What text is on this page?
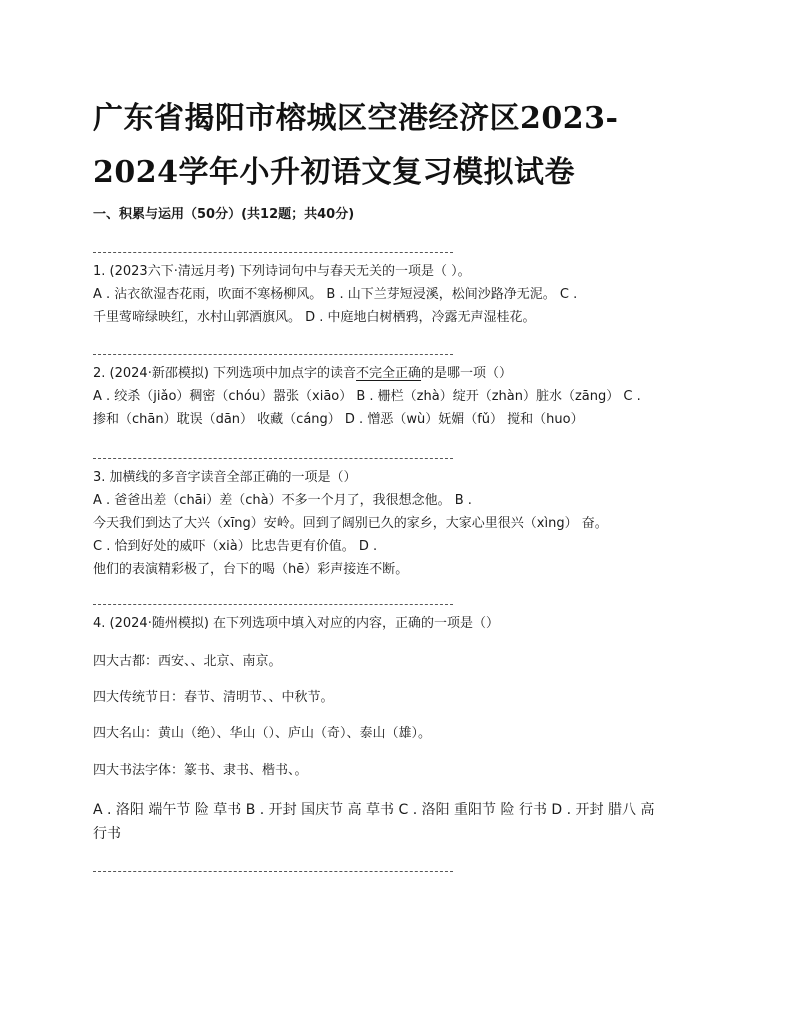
广东省揭阳市榕城区空港经济区2023-
2024学年小升初语文复习模拟试卷
一、积累与运用（50分）(共12题；共40分)
1. (2023六下·清远月考) 下列诗词句中与春天无关的一项是（ ）。
A . 沾衣欲湿杏花雨，吹面不寒杨柳风。 B . 山下兰芽短浸溪，松间沙路净无泥。 C .
千里莺啼绿映红，水村山郭酒旗风。 D . 中庭地白树栖鸦，冷露无声湿桂花。
2. (2024·新邵模拟) 下列选项中加点字的读音不完全正确的是哪一项（）
A . 绞杀（jiǎo）稠密（chóu）嚣张（xiāo） B . 栅栏（zhà）绽开（zhàn）脏水（zāng） C .
掺和（chān）耽误（dān） 收藏（cáng） D . 憎恶（wù）妩媚（fǔ） 搅和（huo）
3. 加横线的多音字读音全部正确的一项是（）
A . 爸爸出差（chāi）差（chà）不多一个月了，我很想念他。 B .
今天我们到达了大兴（xīng）安岭。回到了阔别已久的家乡，大家心里很兴（xìng） 奋。
C . 恰到好处的威吓（xià）比忠告更有价值。 D .
他们的表演精彩极了，台下的喝（hē）彩声接连不断。
4. (2024·随州模拟) 在下列选项中填入对应的内容，正确的一项是（）
四大古都：西安、、北京、南京。
四大传统节日：春节、清明节、、中秋节。
四大名山：黄山（绝）、华山（）、庐山（奇）、泰山（雄）。
四大书法字体：篆书、隶书、楷书、。
A . 洛阳 端午节 险 草书 B . 开封 国庆节 高 草书 C . 洛阳 重阳节 险 行书 D . 开封 腊八 高
行书
